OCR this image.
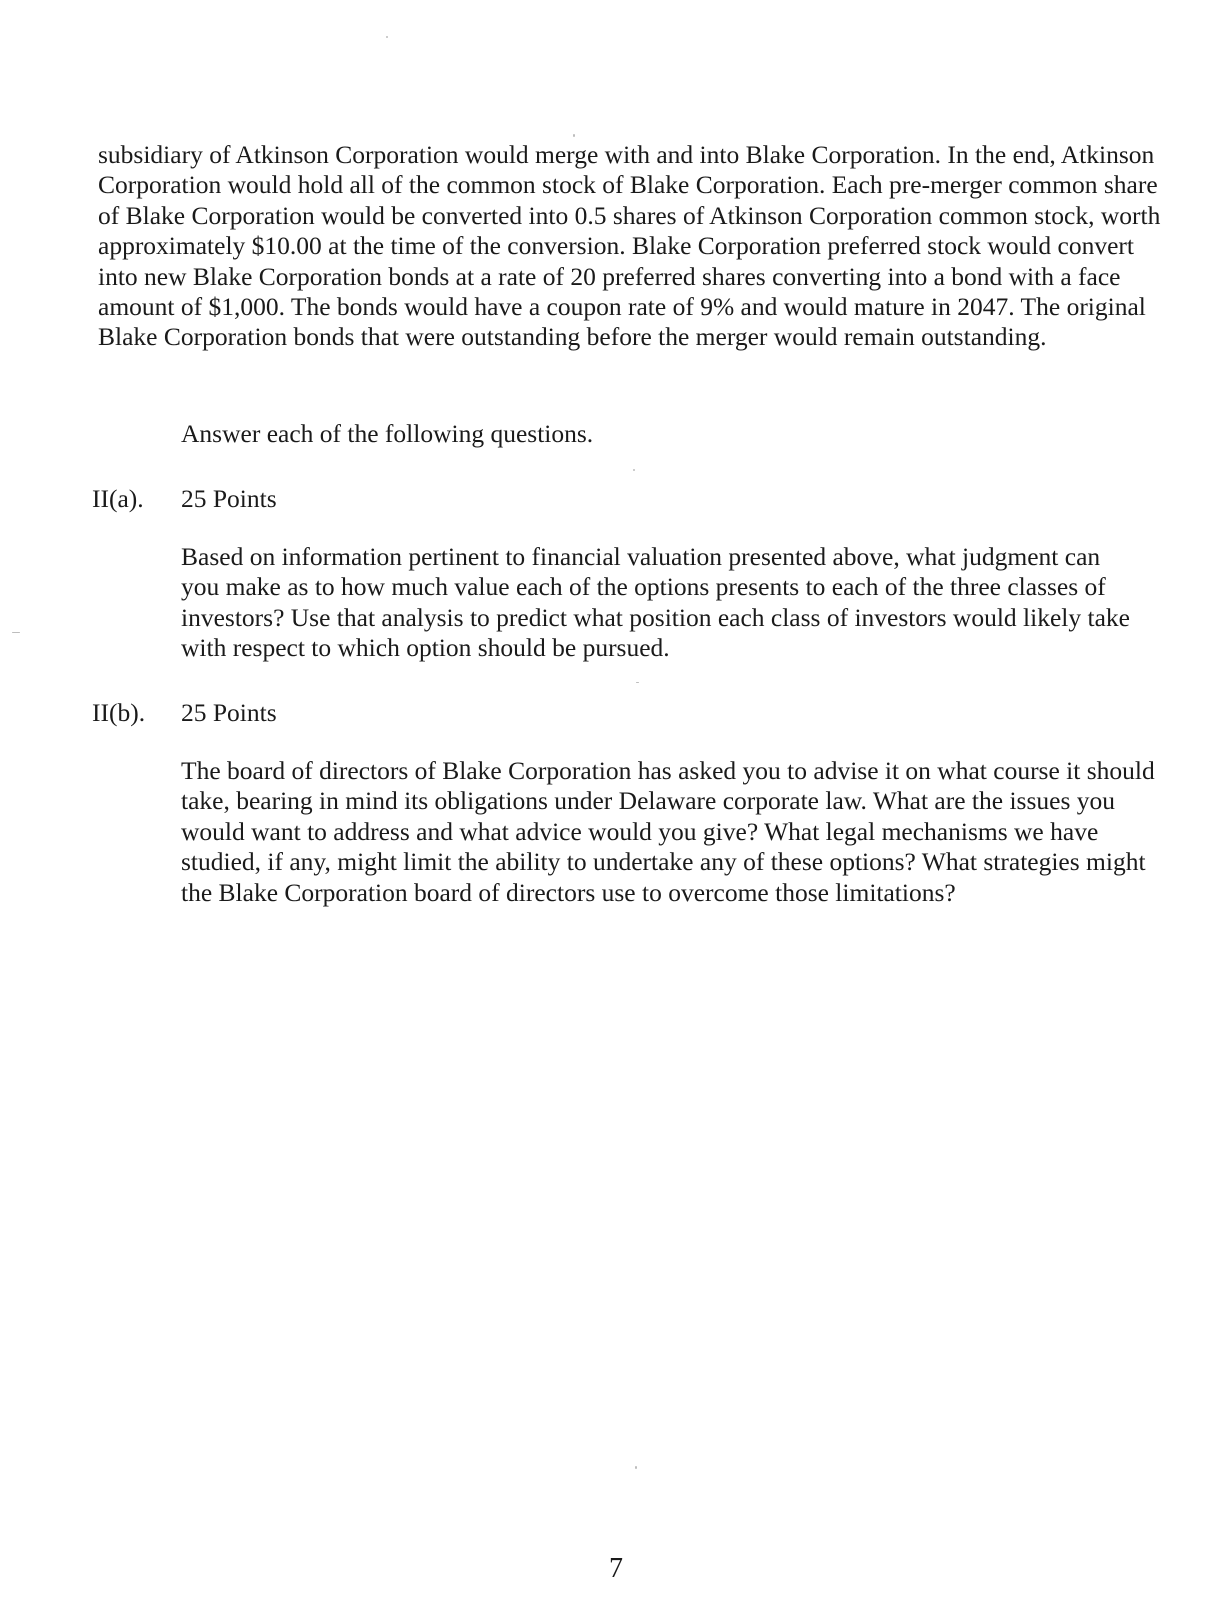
subsidiary of Atkinson Corporation would merge with and into Blake Corporation. In the end, Atkinson Corporation would hold all of the common stock of Blake Corporation. Each pre-merger common share of Blake Corporation would be converted into 0.5 shares of Atkinson Corporation common stock, worth approximately $10.00 at the time of the conversion. Blake Corporation preferred stock would convert into new Blake Corporation bonds at a rate of 20 preferred shares converting into a bond with a face amount of $1,000. The bonds would have a coupon rate of 9% and would mature in 2047. The original Blake Corporation bonds that were outstanding before the merger would remain outstanding.

Answer each of the following questions.

II(a). 25 Points

Based on information pertinent to financial valuation presented above, what judgment can you make as to how much value each of the options presents to each of the three classes of investors? Use that analysis to predict what position each class of investors would likely take with respect to which option should be pursued.

II(b). 25 Points

The board of directors of Blake Corporation has asked you to advise it on what course it should take, bearing in mind its obligations under Delaware corporate law. What are the issues you would want to address and what advice would you give? What legal mechanisms we have studied, if any, might limit the ability to undertake any of these options? What strategies might the Blake Corporation board of directors use to overcome those limitations?

7
